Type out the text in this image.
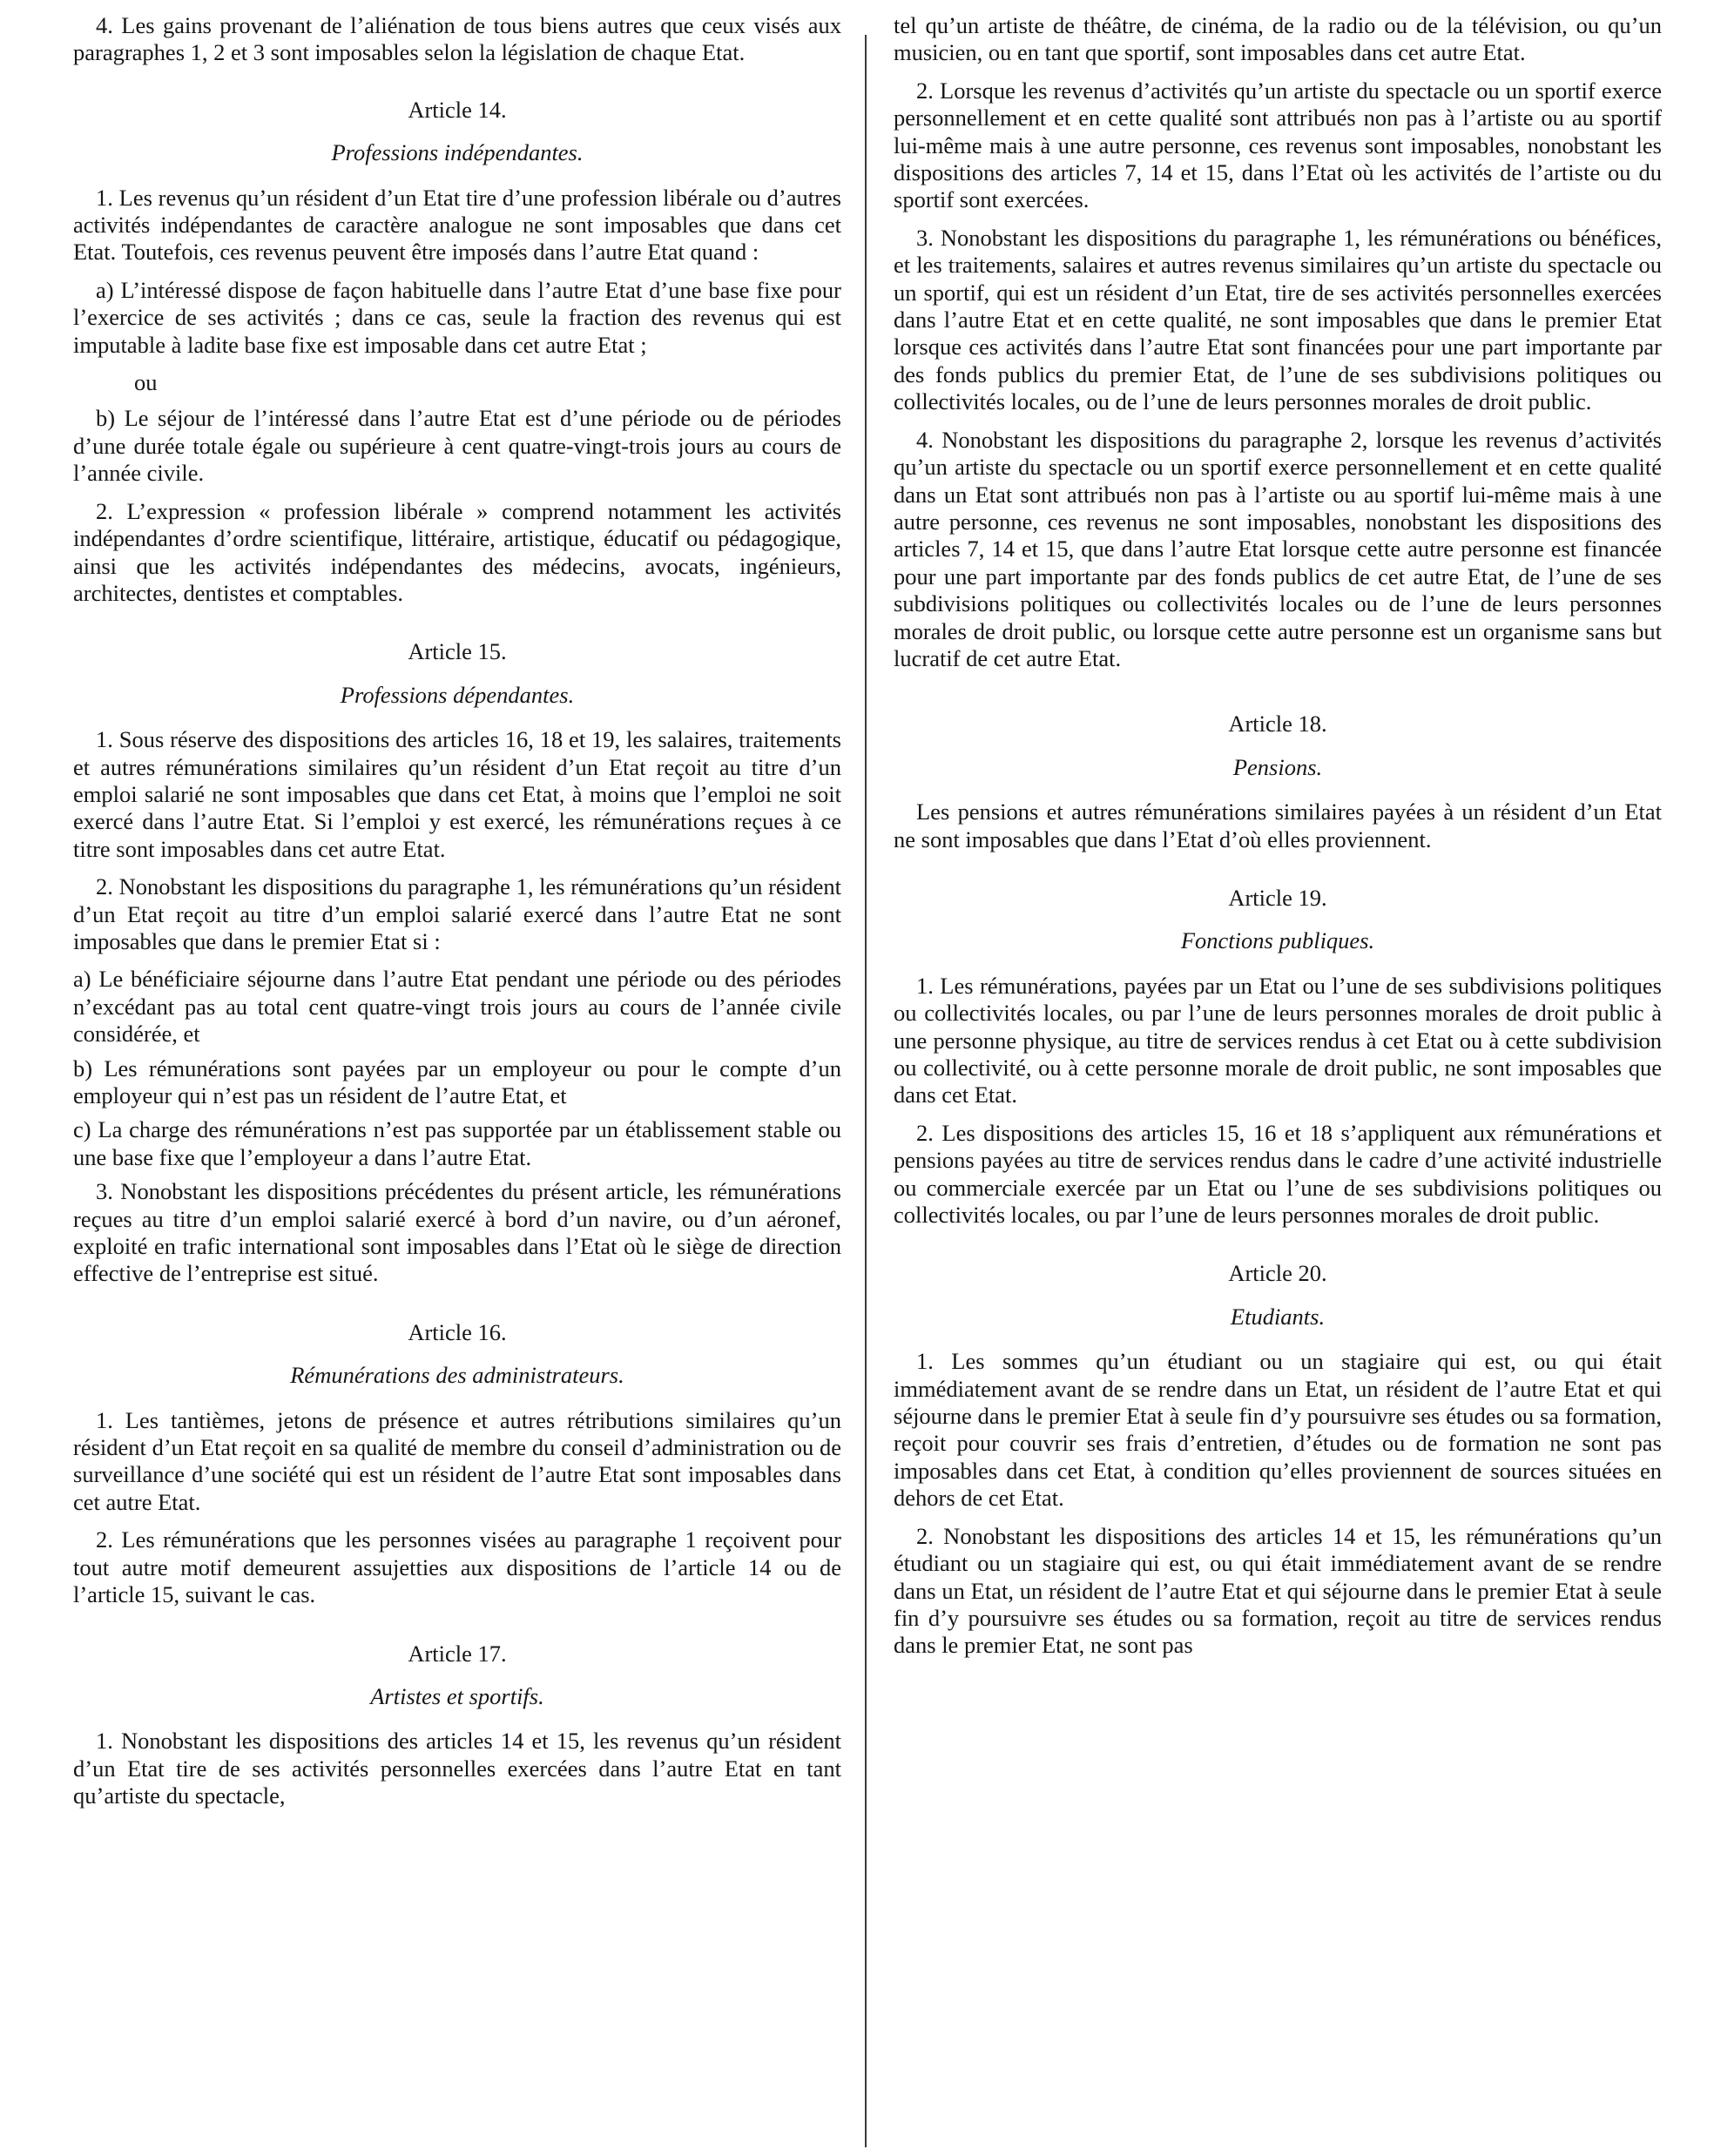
4. Les gains provenant de l’aliénation de tous biens autres que ceux visés aux paragraphes 1, 2 et 3 sont imposables selon la législation de chaque Etat.

Article 14.
Professions indépendantes.

1. Les revenus qu’un résident d’un Etat tire d’une profession libérale ou d’autres activités indépendantes de caractère analogue ne sont imposables que dans cet Etat. Toutefois, ces revenus peuvent être imposés dans l’autre Etat quand :

a) L’intéressé dispose de façon habituelle dans l’autre Etat d’une base fixe pour l’exercice de ses activités ; dans ce cas, seule la fraction des revenus qui est imputable à ladite base fixe est imposable dans cet autre Etat ;

ou

b) Le séjour de l’intéressé dans l’autre Etat est d’une période ou de périodes d’une durée totale égale ou supérieure à cent quatre-vingt-trois jours au cours de l’année civile.

2. L’expression « profession libérale » comprend notamment les activités indépendantes d’ordre scientifique, littéraire, artistique, éducatif ou pédagogique, ainsi que les activités indépendantes des médecins, avocats, ingénieurs, architectes, dentistes et comptables.

Article 15.
Professions dépendantes.

1. Sous réserve des dispositions des articles 16, 18 et 19, les salaires, traitements et autres rémunérations similaires qu’un résident d’un Etat reçoit au titre d’un emploi salarié ne sont imposables que dans cet Etat, à moins que l’emploi ne soit exercé dans l’autre Etat. Si l’emploi y est exercé, les rémunérations reçues à ce titre sont imposables dans cet autre Etat.

2. Nonobstant les dispositions du paragraphe 1, les rémunérations qu’un résident d’un Etat reçoit au titre d’un emploi salarié exercé dans l’autre Etat ne sont imposables que dans le premier Etat si :

a) Le bénéficiaire séjourne dans l’autre Etat pendant une période ou des périodes n’excédant pas au total cent quatre-vingt trois jours au cours de l’année civile considérée, et

b) Les rémunérations sont payées par un employeur ou pour le compte d’un employeur qui n’est pas un résident de l’autre Etat, et

c) La charge des rémunérations n’est pas supportée par un établissement stable ou une base fixe que l’employeur a dans l’autre Etat.

3. Nonobstant les dispositions précédentes du présent article, les rémunérations reçues au titre d’un emploi salarié exercé à bord d’un navire, ou d’un aéronef, exploité en trafic international sont imposables dans l’Etat où le siège de direction effective de l’entreprise est situé.

Article 16.
Rémunérations des administrateurs.

1. Les tantièmes, jetons de présence et autres rétributions similaires qu’un résident d’un Etat reçoit en sa qualité de membre du conseil d’administration ou de surveillance d’une société qui est un résident de l’autre Etat sont imposables dans cet autre Etat.

2. Les rémunérations que les personnes visées au paragraphe 1 reçoivent pour tout autre motif demeurent assujetties aux dispositions de l’article 14 ou de l’article 15, suivant le cas.

Article 17.
Artistes et sportifs.

1. Nonobstant les dispositions des articles 14 et 15, les revenus qu’un résident d’un Etat tire de ses activités personnelles exercées dans l’autre Etat en tant qu’artiste du spectacle,

tel qu’un artiste de théâtre, de cinéma, de la radio ou de la télévision, ou qu’un musicien, ou en tant que sportif, sont imposables dans cet autre Etat.

2. Lorsque les revenus d’activités qu’un artiste du spectacle ou un sportif exerce personnellement et en cette qualité sont attribués non pas à l’artiste ou au sportif lui-même mais à une autre personne, ces revenus sont imposables, nonobstant les dispositions des articles 7, 14 et 15, dans l’Etat où les activités de l’artiste ou du sportif sont exercées.

3. Nonobstant les dispositions du paragraphe 1, les rémunérations ou bénéfices, et les traitements, salaires et autres revenus similaires qu’un artiste du spectacle ou un sportif, qui est un résident d’un Etat, tire de ses activités personnelles exercées dans l’autre Etat et en cette qualité, ne sont imposables que dans le premier Etat lorsque ces activités dans l’autre Etat sont financées pour une part importante par des fonds publics du premier Etat, de l’une de ses subdivisions politiques ou collectivités locales, ou de l’une de leurs personnes morales de droit public.

4. Nonobstant les dispositions du paragraphe 2, lorsque les revenus d’activités qu’un artiste du spectacle ou un sportif exerce personnellement et en cette qualité dans un Etat sont attribués non pas à l’artiste ou au sportif lui-même mais à une autre personne, ces revenus ne sont imposables, nonobstant les dispositions des articles 7, 14 et 15, que dans l’autre Etat lorsque cette autre personne est financée pour une part importante par des fonds publics de cet autre Etat, de l’une de ses subdivisions politiques ou collectivités locales ou de l’une de leurs personnes morales de droit public, ou lorsque cette autre personne est un organisme sans but lucratif de cet autre Etat.

Article 18.
Pensions.

Les pensions et autres rémunérations similaires payées à un résident d’un Etat ne sont imposables que dans l’Etat d’où elles proviennent.

Article 19.
Fonctions publiques.

1. Les rémunérations, payées par un Etat ou l’une de ses subdivisions politiques ou collectivités locales, ou par l’une de leurs personnes morales de droit public à une personne physique, au titre de services rendus à cet Etat ou à cette subdivision ou collectivité, ou à cette personne morale de droit public, ne sont imposables que dans cet Etat.

2. Les dispositions des articles 15, 16 et 18 s’appliquent aux rémunérations et pensions payées au titre de services rendus dans le cadre d’une activité industrielle ou commerciale exercée par un Etat ou l’une de ses subdivisions politiques ou collectivités locales, ou par l’une de leurs personnes morales de droit public.

Article 20.
Etudiants.

1. Les sommes qu’un étudiant ou un stagiaire qui est, ou qui était immédiatement avant de se rendre dans un Etat, un résident de l’autre Etat et qui séjourne dans le premier Etat à seule fin d’y poursuivre ses études ou sa formation, reçoit pour couvrir ses frais d’entretien, d’études ou de formation ne sont pas imposables dans cet Etat, à condition qu’elles proviennent de sources situées en dehors de cet Etat.

2. Nonobstant les dispositions des articles 14 et 15, les rémunérations qu’un étudiant ou un stagiaire qui est, ou qui était immédiatement avant de se rendre dans un Etat, un résident de l’autre Etat et qui séjourne dans le premier Etat à seule fin d’y poursuivre ses études ou sa formation, reçoit au titre de services rendus dans le premier Etat, ne sont pas
